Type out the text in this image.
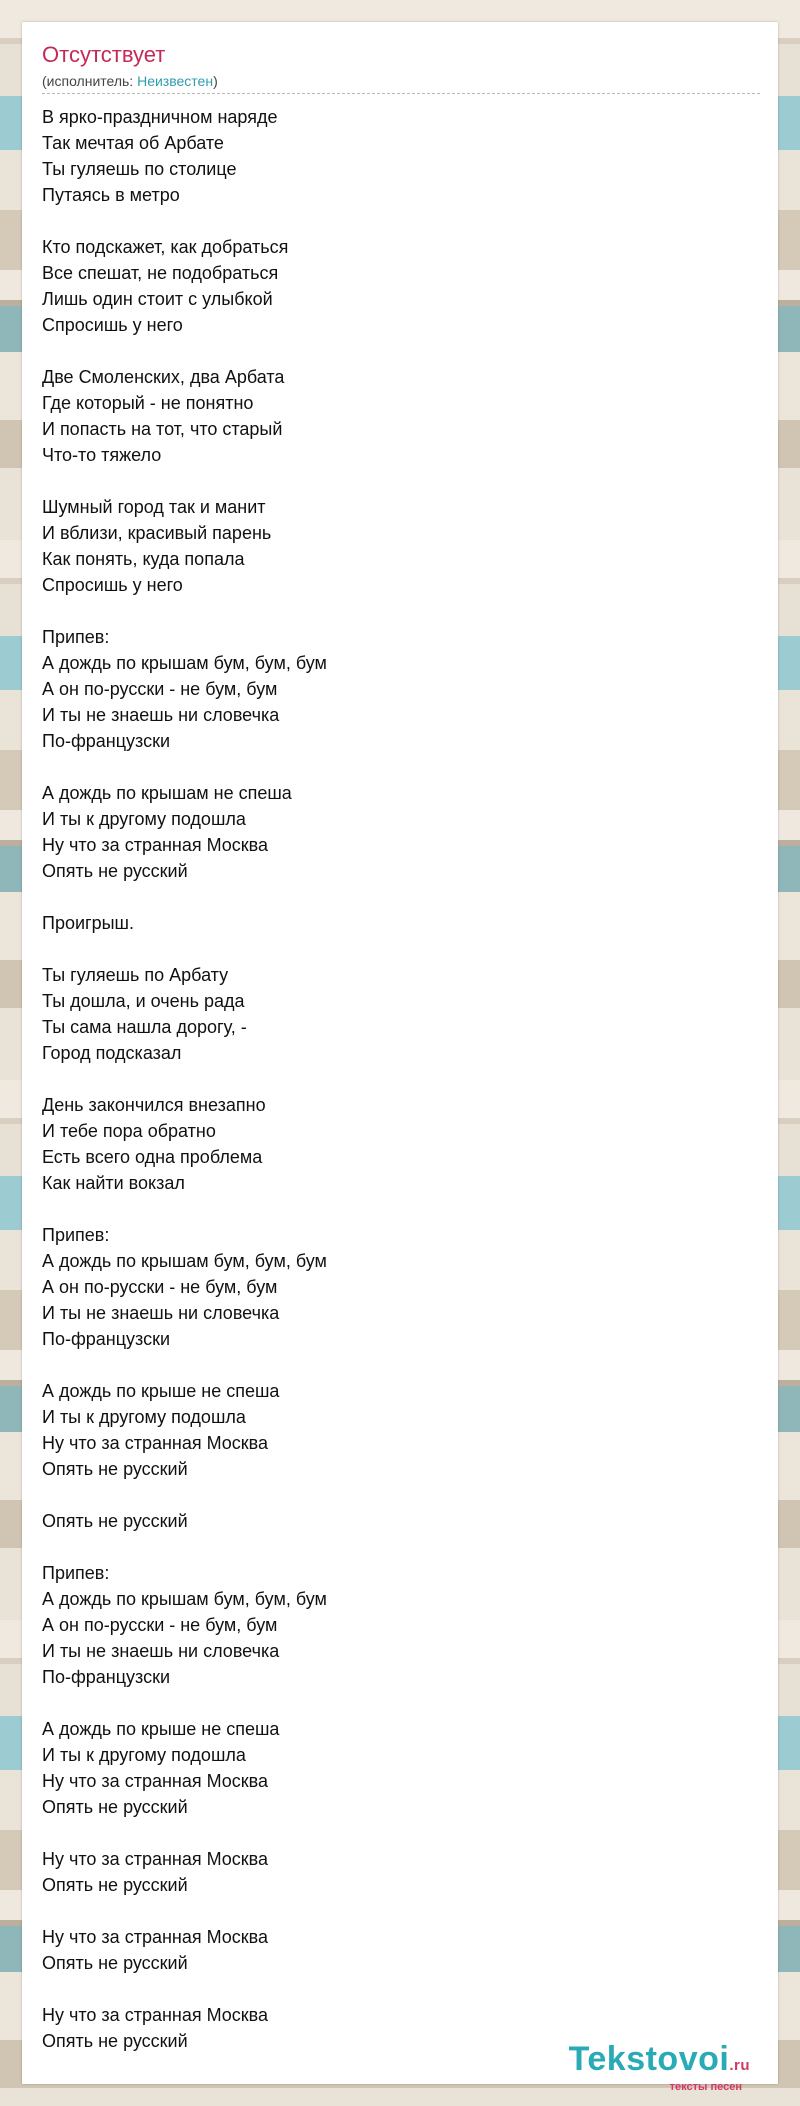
Отсутствует
(исполнитель: Неизвестен)
В ярко-праздничном наряде
Так мечтая об Арбате
Ты гуляешь по столице
Путаясь в метро
Кто подскажет, как добраться
Все спешат, не подобраться
Лишь один стоит с улыбкой
Спросишь у него
Две Смоленских, два Арбата
Где который - не понятно
И попасть на тот, что старый
Что-то тяжело
Шумный город так и манит
И вблизи, красивый парень
Как понять, куда попала
Спросишь у него
Припев:
А дождь по крышам бум, бум, бум
А он по-русски - не бум, бум
И ты не знаешь ни словечка
По-французски
А дождь по крышам не спеша
И ты к другому подошла
Ну что за странная Москва
Опять не русский
Проигрыш.
Ты гуляешь по Арбату
Ты дошла, и очень рада
Ты сама нашла дорогу, -
Город подсказал
День закончился внезапно
И тебе пора обратно
Есть всего одна проблема
Как найти вокзал
Припев:
А дождь по крышам бум, бум, бум
А он по-русски - не бум, бум
И ты не знаешь ни словечка
По-французски
А дождь по крыше не спеша
И ты к другому подошла
Ну что за странная Москва
Опять не русский
Опять не русский
Припев:
А дождь по крышам бум, бум, бум
А он по-русски - не бум, бум
И ты не знаешь ни словечка
По-французски
А дождь по крыше не спеша
И ты к другому подошла
Ну что за странная Москва
Опять не русский
Ну что за странная Москва
Опять не русский
Ну что за странная Москва
Опять не русский
Ну что за странная Москва
Опять не русский	Tekstovoi.ru
тексты песен
